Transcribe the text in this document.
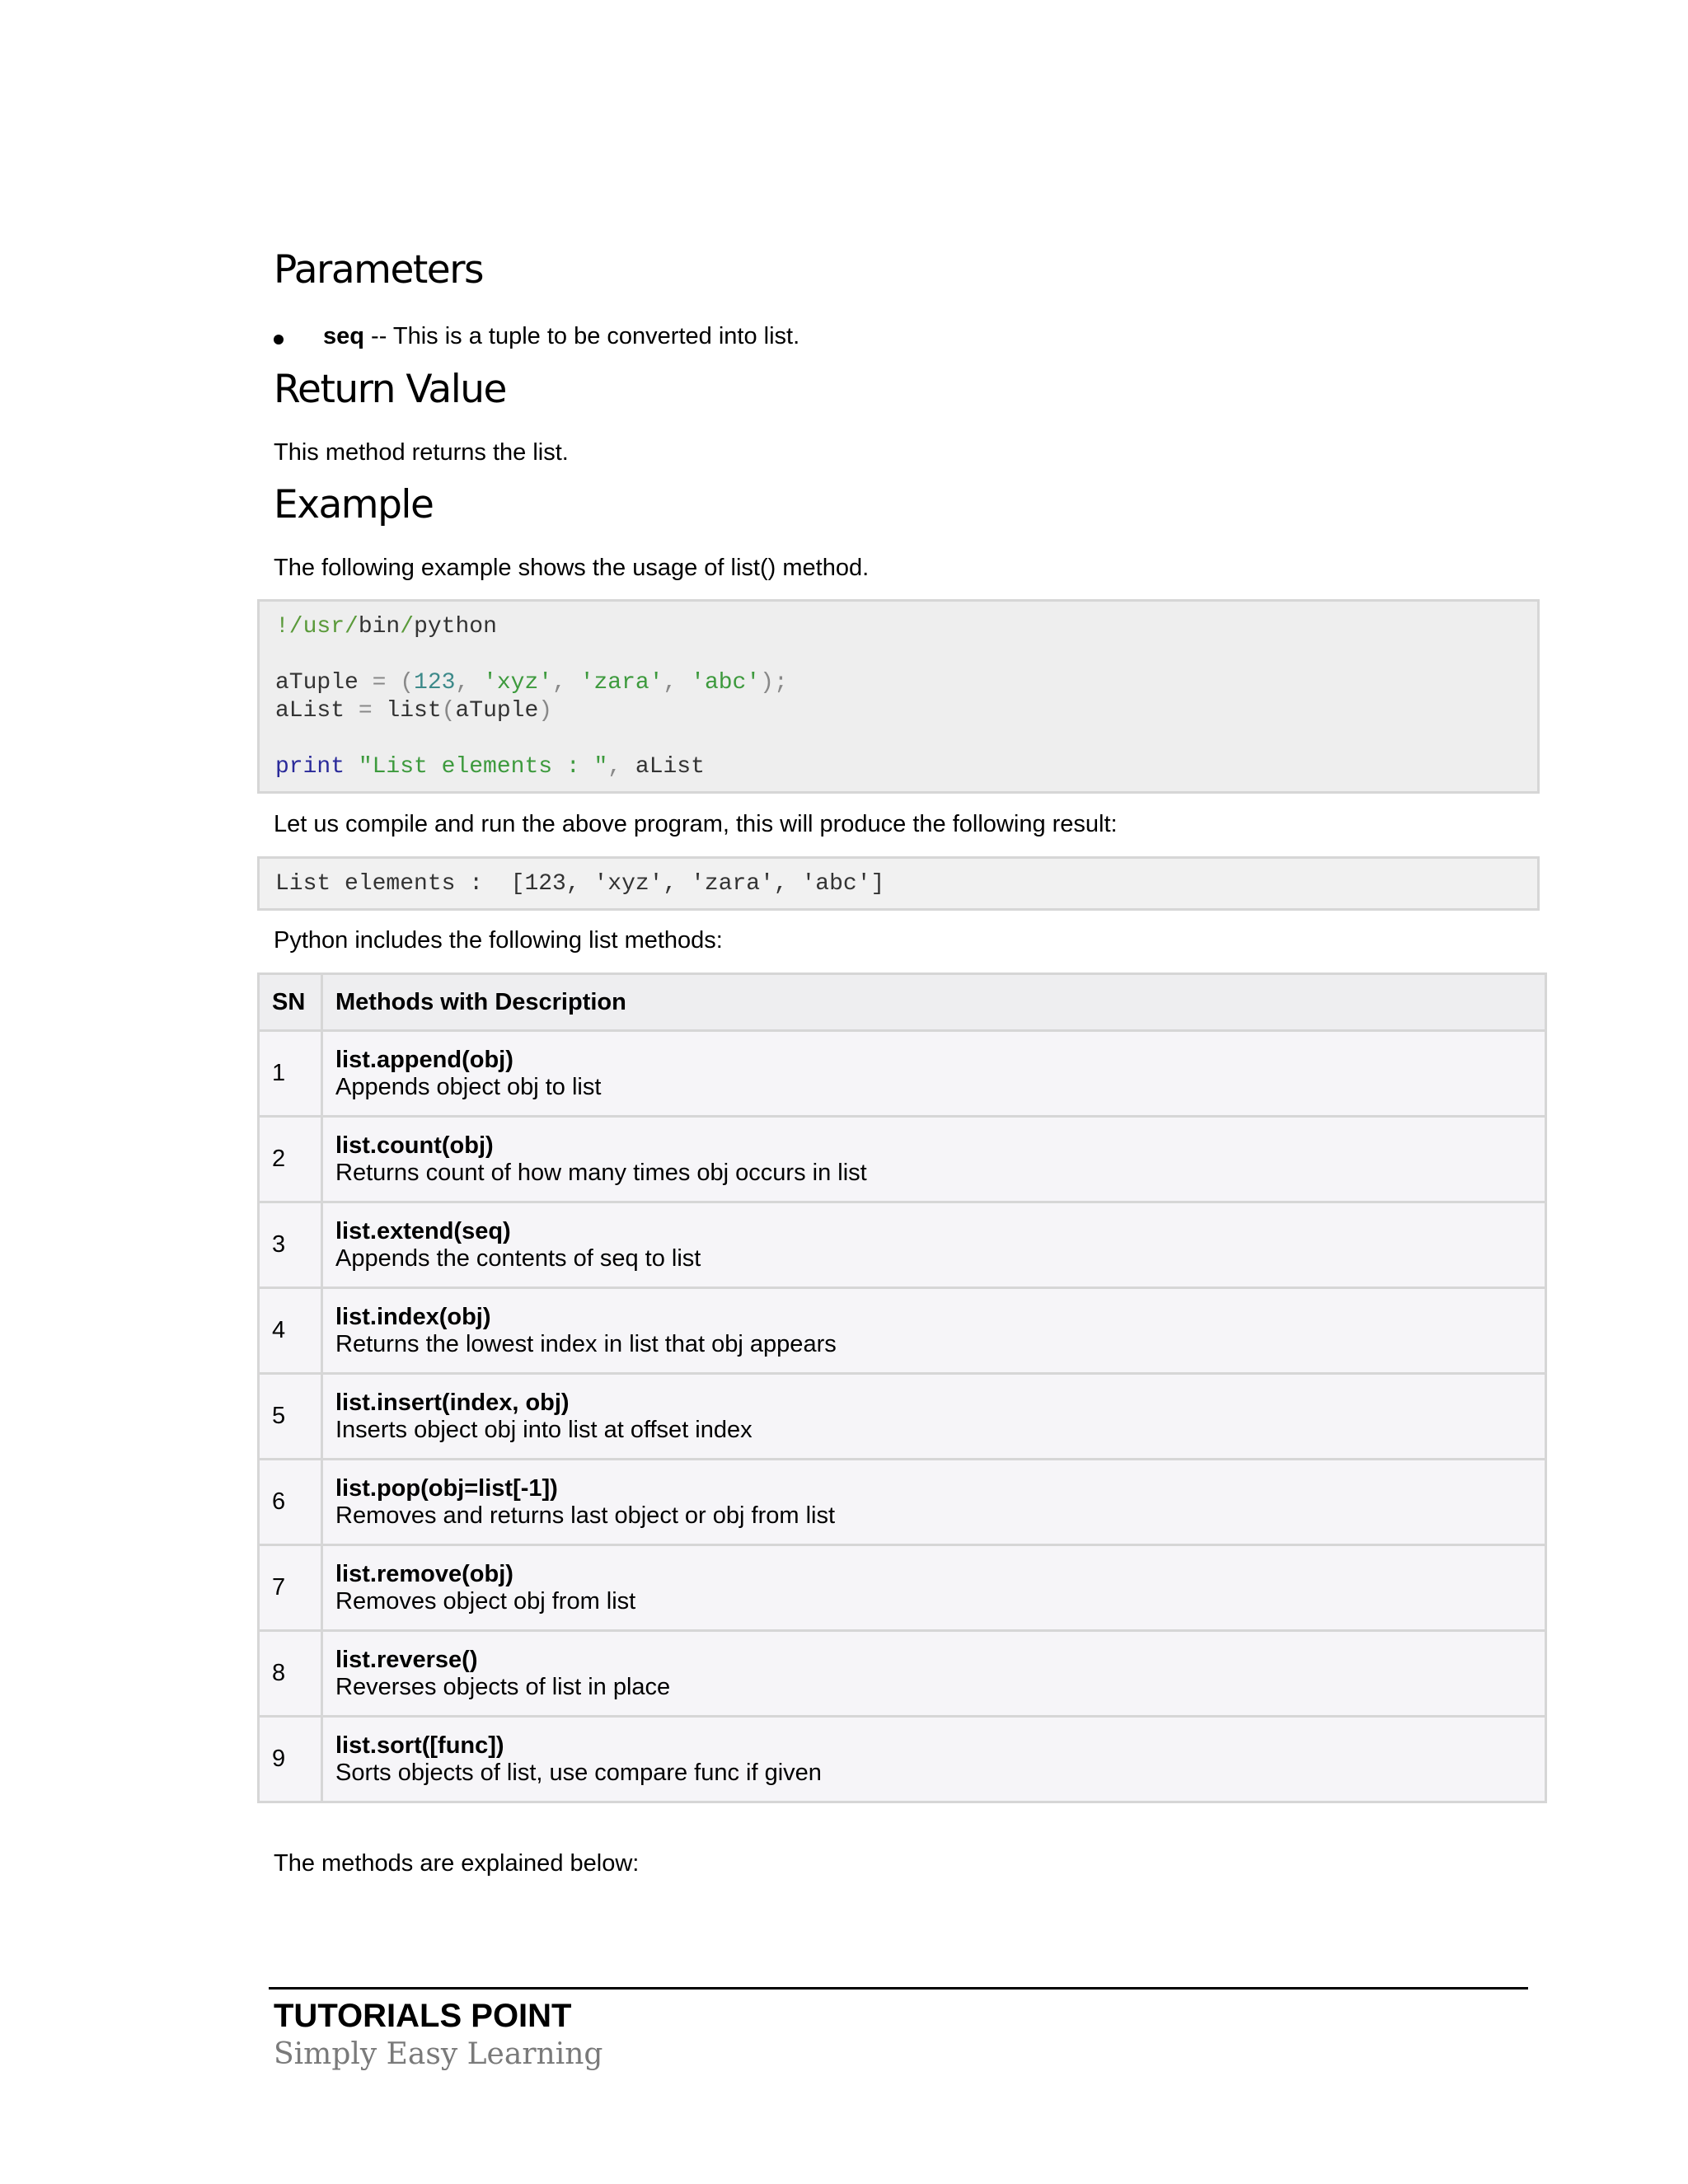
Parameters
seq -- This is a tuple to be converted into list.
Return Value

This method returns the list.

Example

The following example shows the usage of list() method.

!/usr/bin/python
aTuple = (123, 'xyz', 'zara', 'abc');
aList = list(aTuple)
print "List elements : ", aList

Let us compile and run the above program, this will produce the following result:

List elements :  [123, 'xyz', 'zara', 'abc']

Python includes the following list methods:

SN	Methods with Description
1	list.append(obj)
Appends object obj to list

2	list.count(obj)
Returns count of how many times obj occurs in list

3	list.extend(seq)
Appends the contents of seq to list

4	list.index(obj)
Returns the lowest index in list that obj appears

5	list.insert(index, obj)
Inserts object obj into list at offset index

6	list.pop(obj=list[-1])
Removes and returns last object or obj from list

7	list.remove(obj)
Removes object obj from list

8	list.reverse()
Reverses objects of list in place

9	list.sort([func])
Sorts objects of list, use compare func if given

The methods are explained below:

TUTORIALS POINT
Simply Easy Learning
